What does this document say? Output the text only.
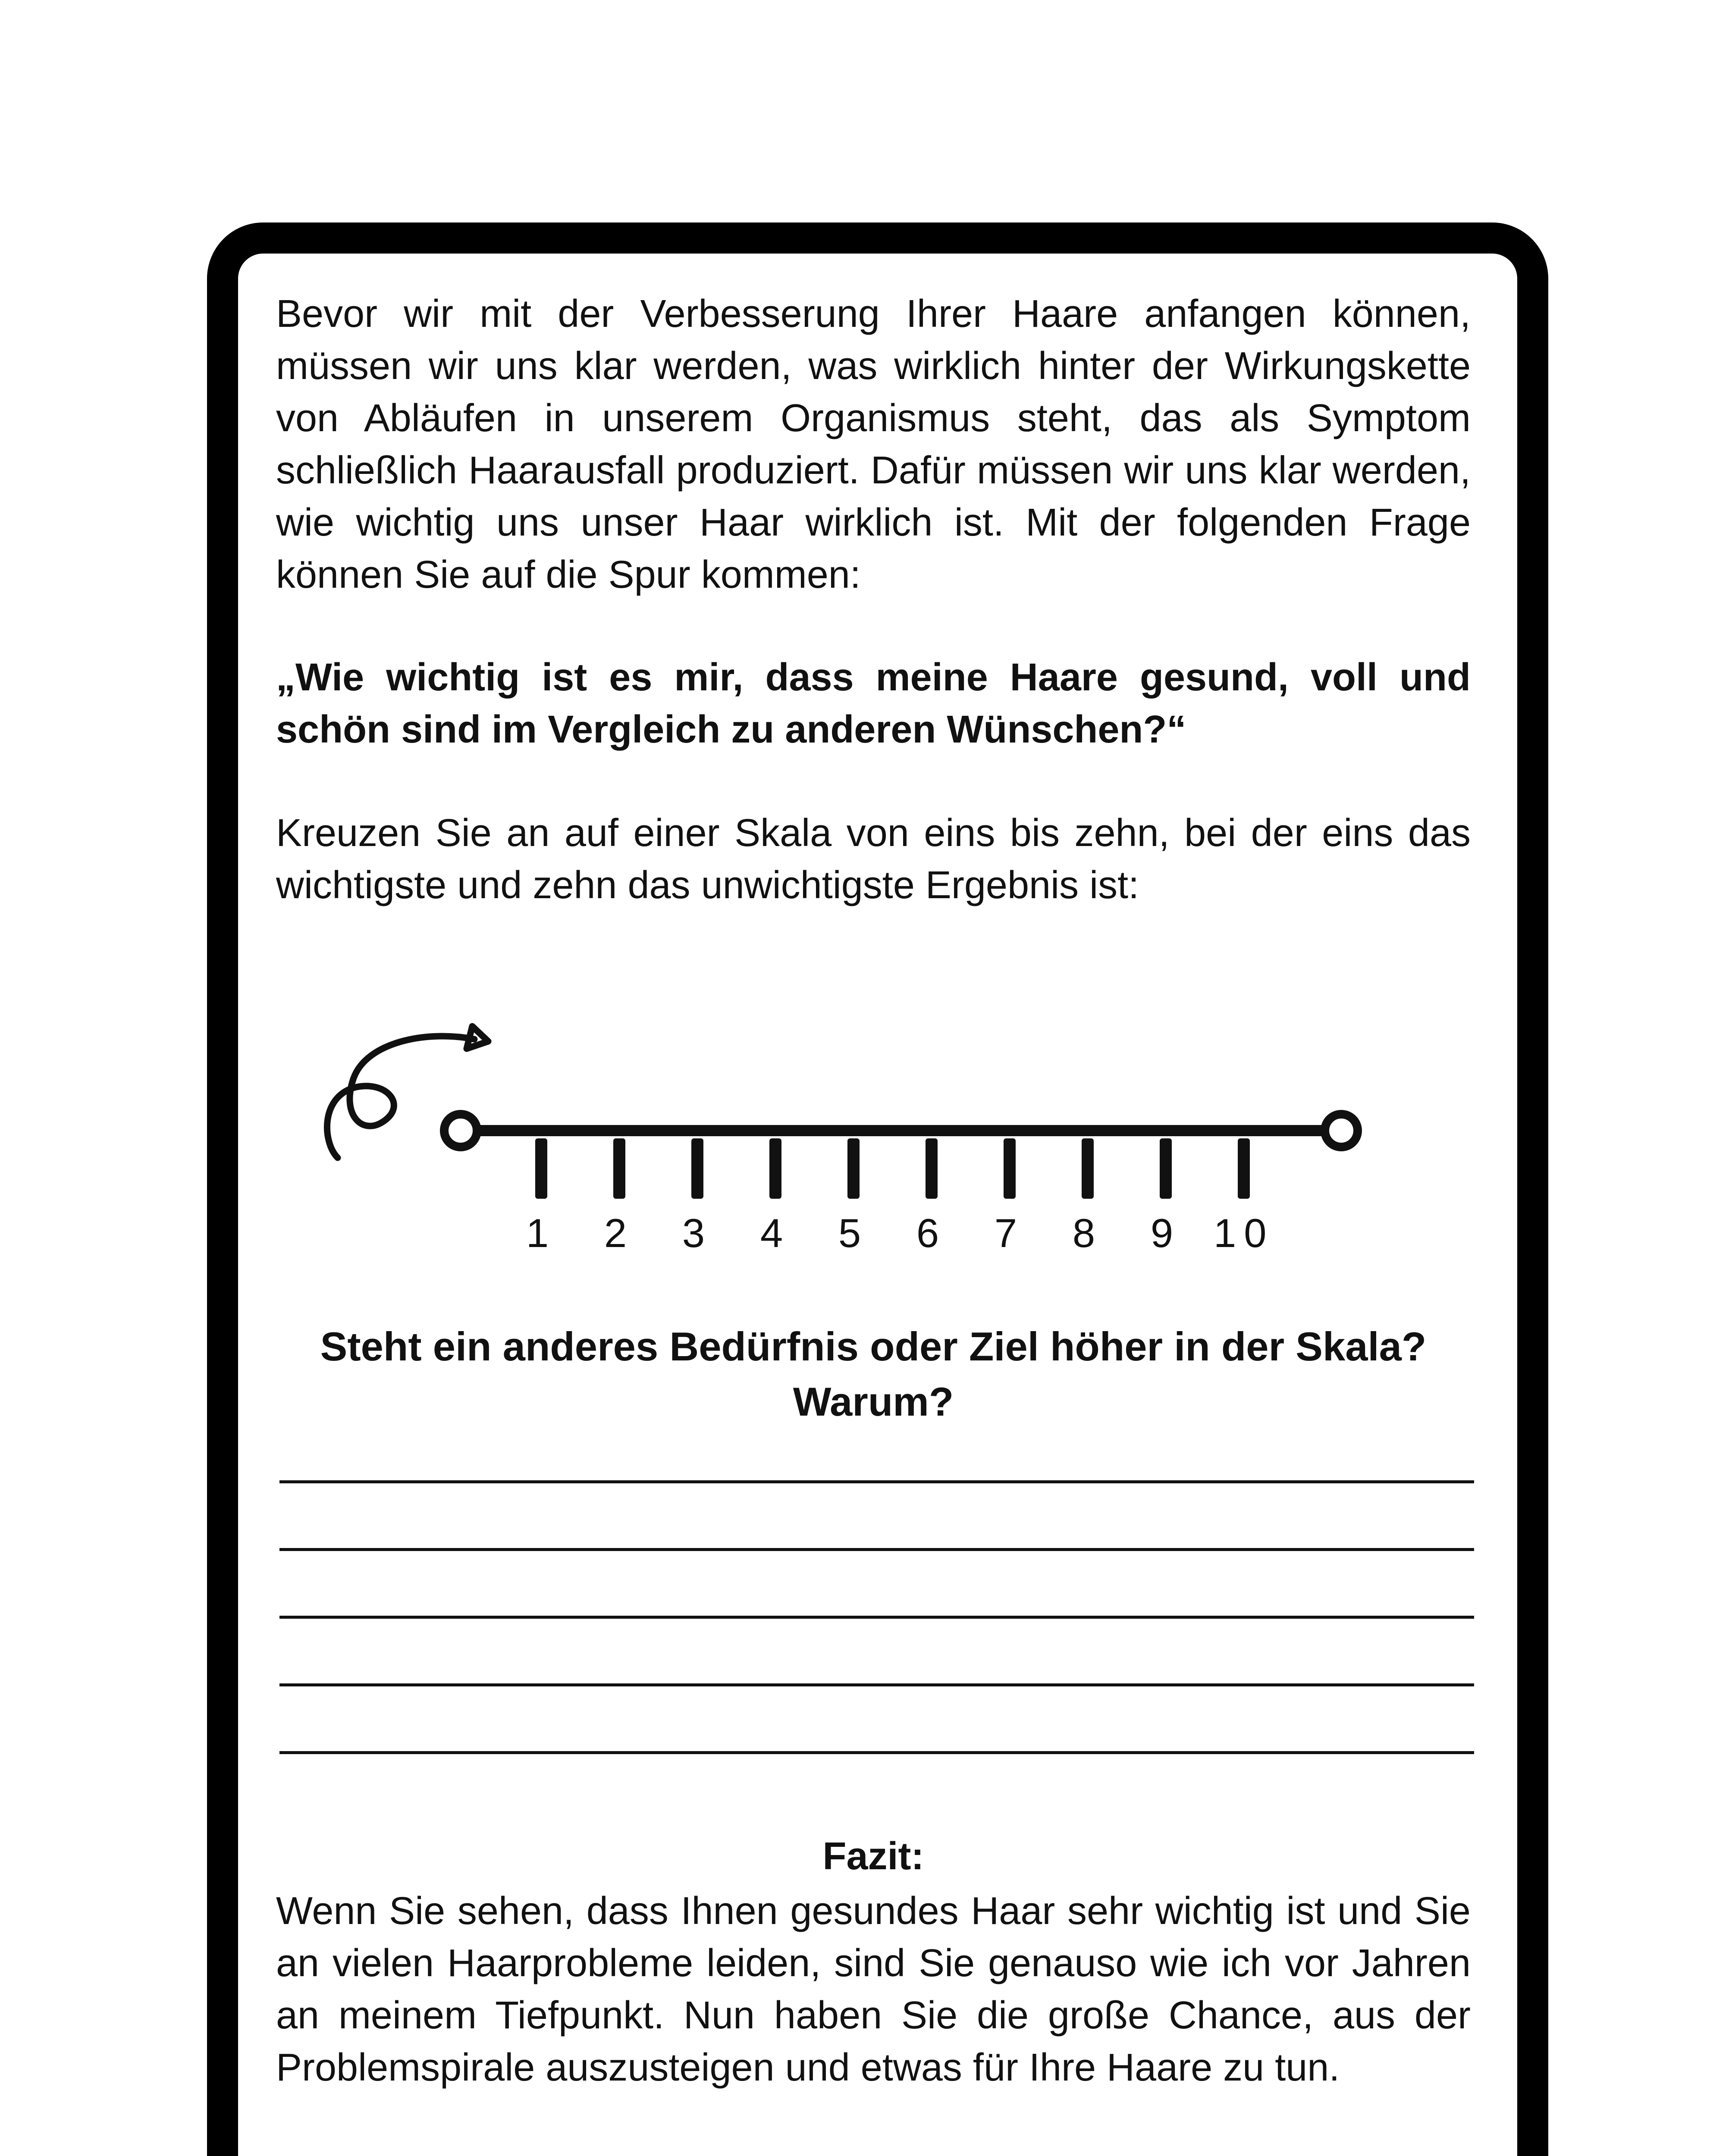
Bevor wir mit der Verbesserung Ihrer Haare anfangen können, müssen wir uns klar werden, was wirklich hinter der Wirkungskette von Abläufen in unserem Organismus steht, das als Symptom schließlich Haarausfall produziert. Dafür müssen wir uns klar werden, wie wichtig uns unser Haar wirklich ist. Mit der folgenden Frage können Sie auf die Spur kommen:

„Wie wichtig ist es mir, dass meine Haare gesund, voll und schön sind im Vergleich zu anderen Wünschen?“

Kreuzen Sie an auf einer Skala von eins bis zehn, bei der eins das wichtigste und zehn das unwichtigste Ergebnis ist:

1	2	3	4	5	6	7	8	9 10
Steht ein anderes Bedürfnis oder Ziel höher in der Skala? Warum?
Fazit:

Wenn Sie sehen, dass Ihnen gesundes Haar sehr wichtig ist und Sie an vielen Haarprobleme leiden, sind Sie genauso wie ich vor Jahren an meinem Tiefpunkt. Nun haben Sie die große Chance, aus der Problemspirale auszusteigen und etwas für Ihre Haare zu tun.
